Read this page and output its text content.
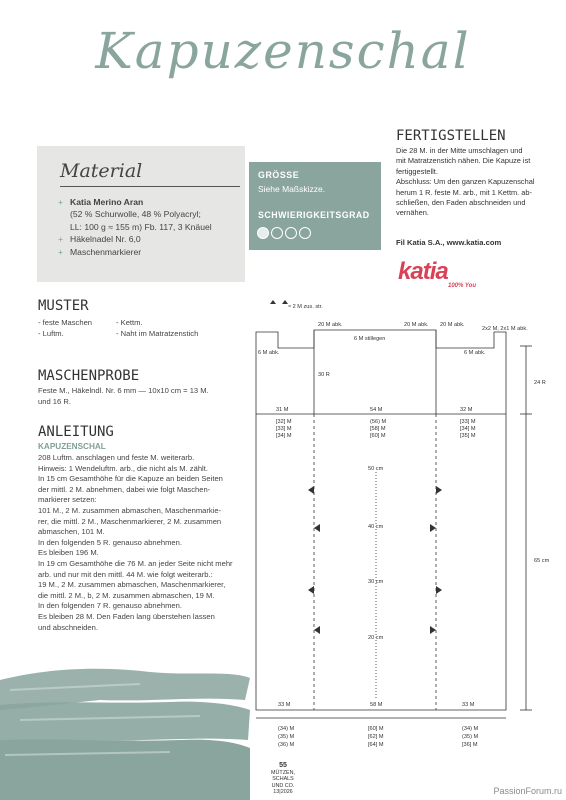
Kapuzenschal
Material
+ Katia Merino Aran
(52 % Schurwolle, 48 % Polyacryl;
LL: 100 g ≈ 155 m) Fb. 117, 3 Knäuel
+ Häkelnadel Nr. 6,0
+ Maschenmarkierer
GRÖSSE
Siehe Maßskizze.
SCHWIERIGKEITSGRAD
FERTIGSTELLEN
Die 28 M. in der Mitte umschlagen und
mit Matratzenstich nähen. Die Kapuze ist
fertiggestellt.
Abschluss: Um den ganzen Kapuzenschal
herum 1 R. feste M. arb., mit 1 Kettm. ab-
schließen, den Faden abschneiden und
vernähen.
Fil Katia S.A., www.katia.com
katia
100% You
MUSTER
- feste Maschen
- Luftm.
- Kettm.
- Naht im Matratzenstich
MASCHENPROBE
Feste M., Häkelndl. Nr. 6 mm — 10x10 cm = 13 M.
und 16 R.
ANLEITUNG
KAPUZENSCHAL
208 Luftm. anschlagen und feste M. weiterarb.
Hinweis: 1 Wendeluftm. arb., die nicht als M. zählt.
In 15 cm Gesamthöhe für die Kapuze an beiden Seiten
der mittl. 2 M. abnehmen, dabei wie folgt Maschen-
markierer setzen:
101 M., 2 M. zusammen abmaschen, Maschenmarkie-
rer, die mittl. 2 M., Maschenmarkierer, 2 M. zusammen
abmaschen, 101 M.
In den folgenden 5 R. genauso abnehmen.
Es bleiben 196 M.
In 19 cm Gesamthöhe die 76 M. an jeder Seite nicht mehr
arb. und nur mit den mittl. 44 M. wie folgt weiterarb.:
19 M., 2 M. zusammen abmaschen, Maschenmarkierer,
die mittl. 2 M., b, 2 M. zusammen abmaschen, 19 M.
In den folgenden 7 R. genauso abnehmen.
Es bleiben 28 M. Den Faden lang überstehen lassen
und abschneiden.
≈ 2 M zus. str.
20 M abk.
6 M stillegen
20 M abk. 20 M abk.
2x2 M, 2x1 M abk.
6 M abk.	6 M abk.
30 R
24 R
31 M	54 M	32 M
[32] M
[33] M
[34] M
(56) M
[58] M
[60] M
[33] M
[34] M
[35] M
50 cm
40 cm
30 cm
20 cm
65 cm
33 M	58 M	33 M
(34) M
(35) M
(36) M
[60] M
[62] M
[64] M
(34) M
(35) M
[36] M
55
MÜTZEN, SCHALS
UND CO.
13|2026	PassionForum.ru
